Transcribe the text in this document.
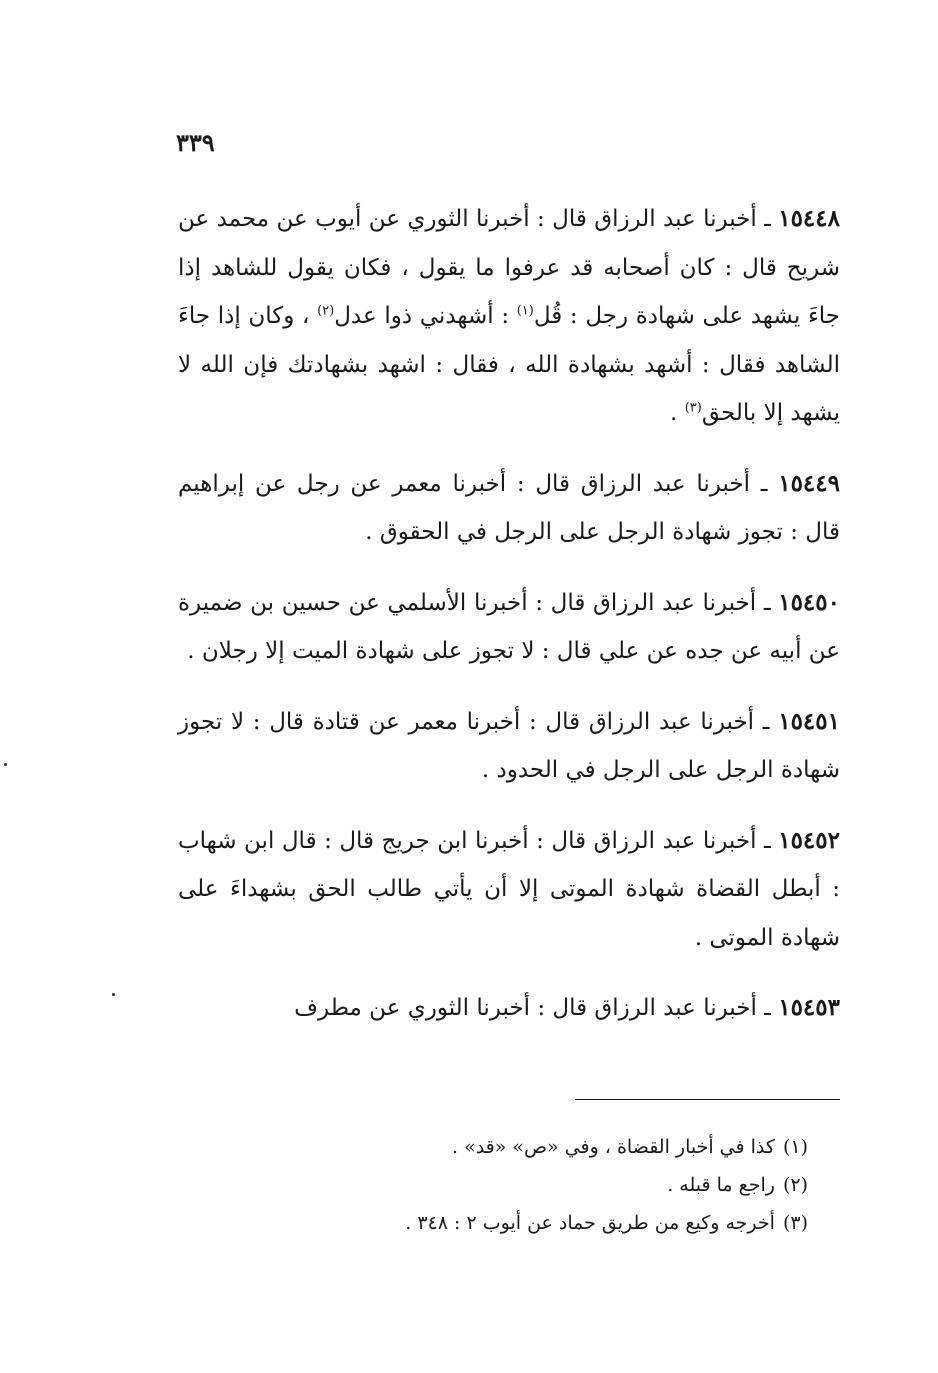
٣٣٩

١٥٤٤٨ ـ أخبرنا عبد الرزاق قال : أخبرنا الثوري عن أيوب عن محمد عن شريح قال : كان أصحابه قد عرفوا ما يقول ، فكان يقول للشاهد إذا جاءَ يشهد على شهادة رجل : قُل$^{(١)}$ : أشهدني ذوا عدل$^{(٢)}$ ، وكان إذا جاءَ الشاهد فقال : أشهد بشهادة الله ، فقال : اشهد بشهادتك فإن الله لا يشهد إلا بالحق$^{(٣)}$ .

١٥٤٤٩ ـ أخبرنا عبد الرزاق قال : أخبرنا معمر عن رجل عن إبراهيم قال : تجوز شهادة الرجل على الرجل في الحقوق .

١٥٤٥٠ ـ أخبرنا عبد الرزاق قال : أخبرنا الأسلمي عن حسين بن ضميرة عن أبيه عن جده عن علي قال : لا تجوز على شهادة الميت إلا رجلان .

١٥٤٥١ ـ أخبرنا عبد الرزاق قال : أخبرنا معمر عن قتادة قال : لا تجوز شهادة الرجل على الرجل في الحدود .

١٥٤٥٢ ـ أخبرنا عبد الرزاق قال : أخبرنا ابن جريج قال : قال ابن شهاب : أبطل القضاة شهادة الموتى إلا أن يأتي طالب الحق بشهداءَ على شهادة الموتى .

١٥٤٥٣ ـ أخبرنا عبد الرزاق قال : أخبرنا الثوري عن مطرف

(١)كذا في أخبار القضاة ، وفي «ص» «قد» .
(٢)راجع ما قبله .
(٣)أخرجه وكيع من طريق حماد عن أيوب ٢ : ٣٤٨ .
